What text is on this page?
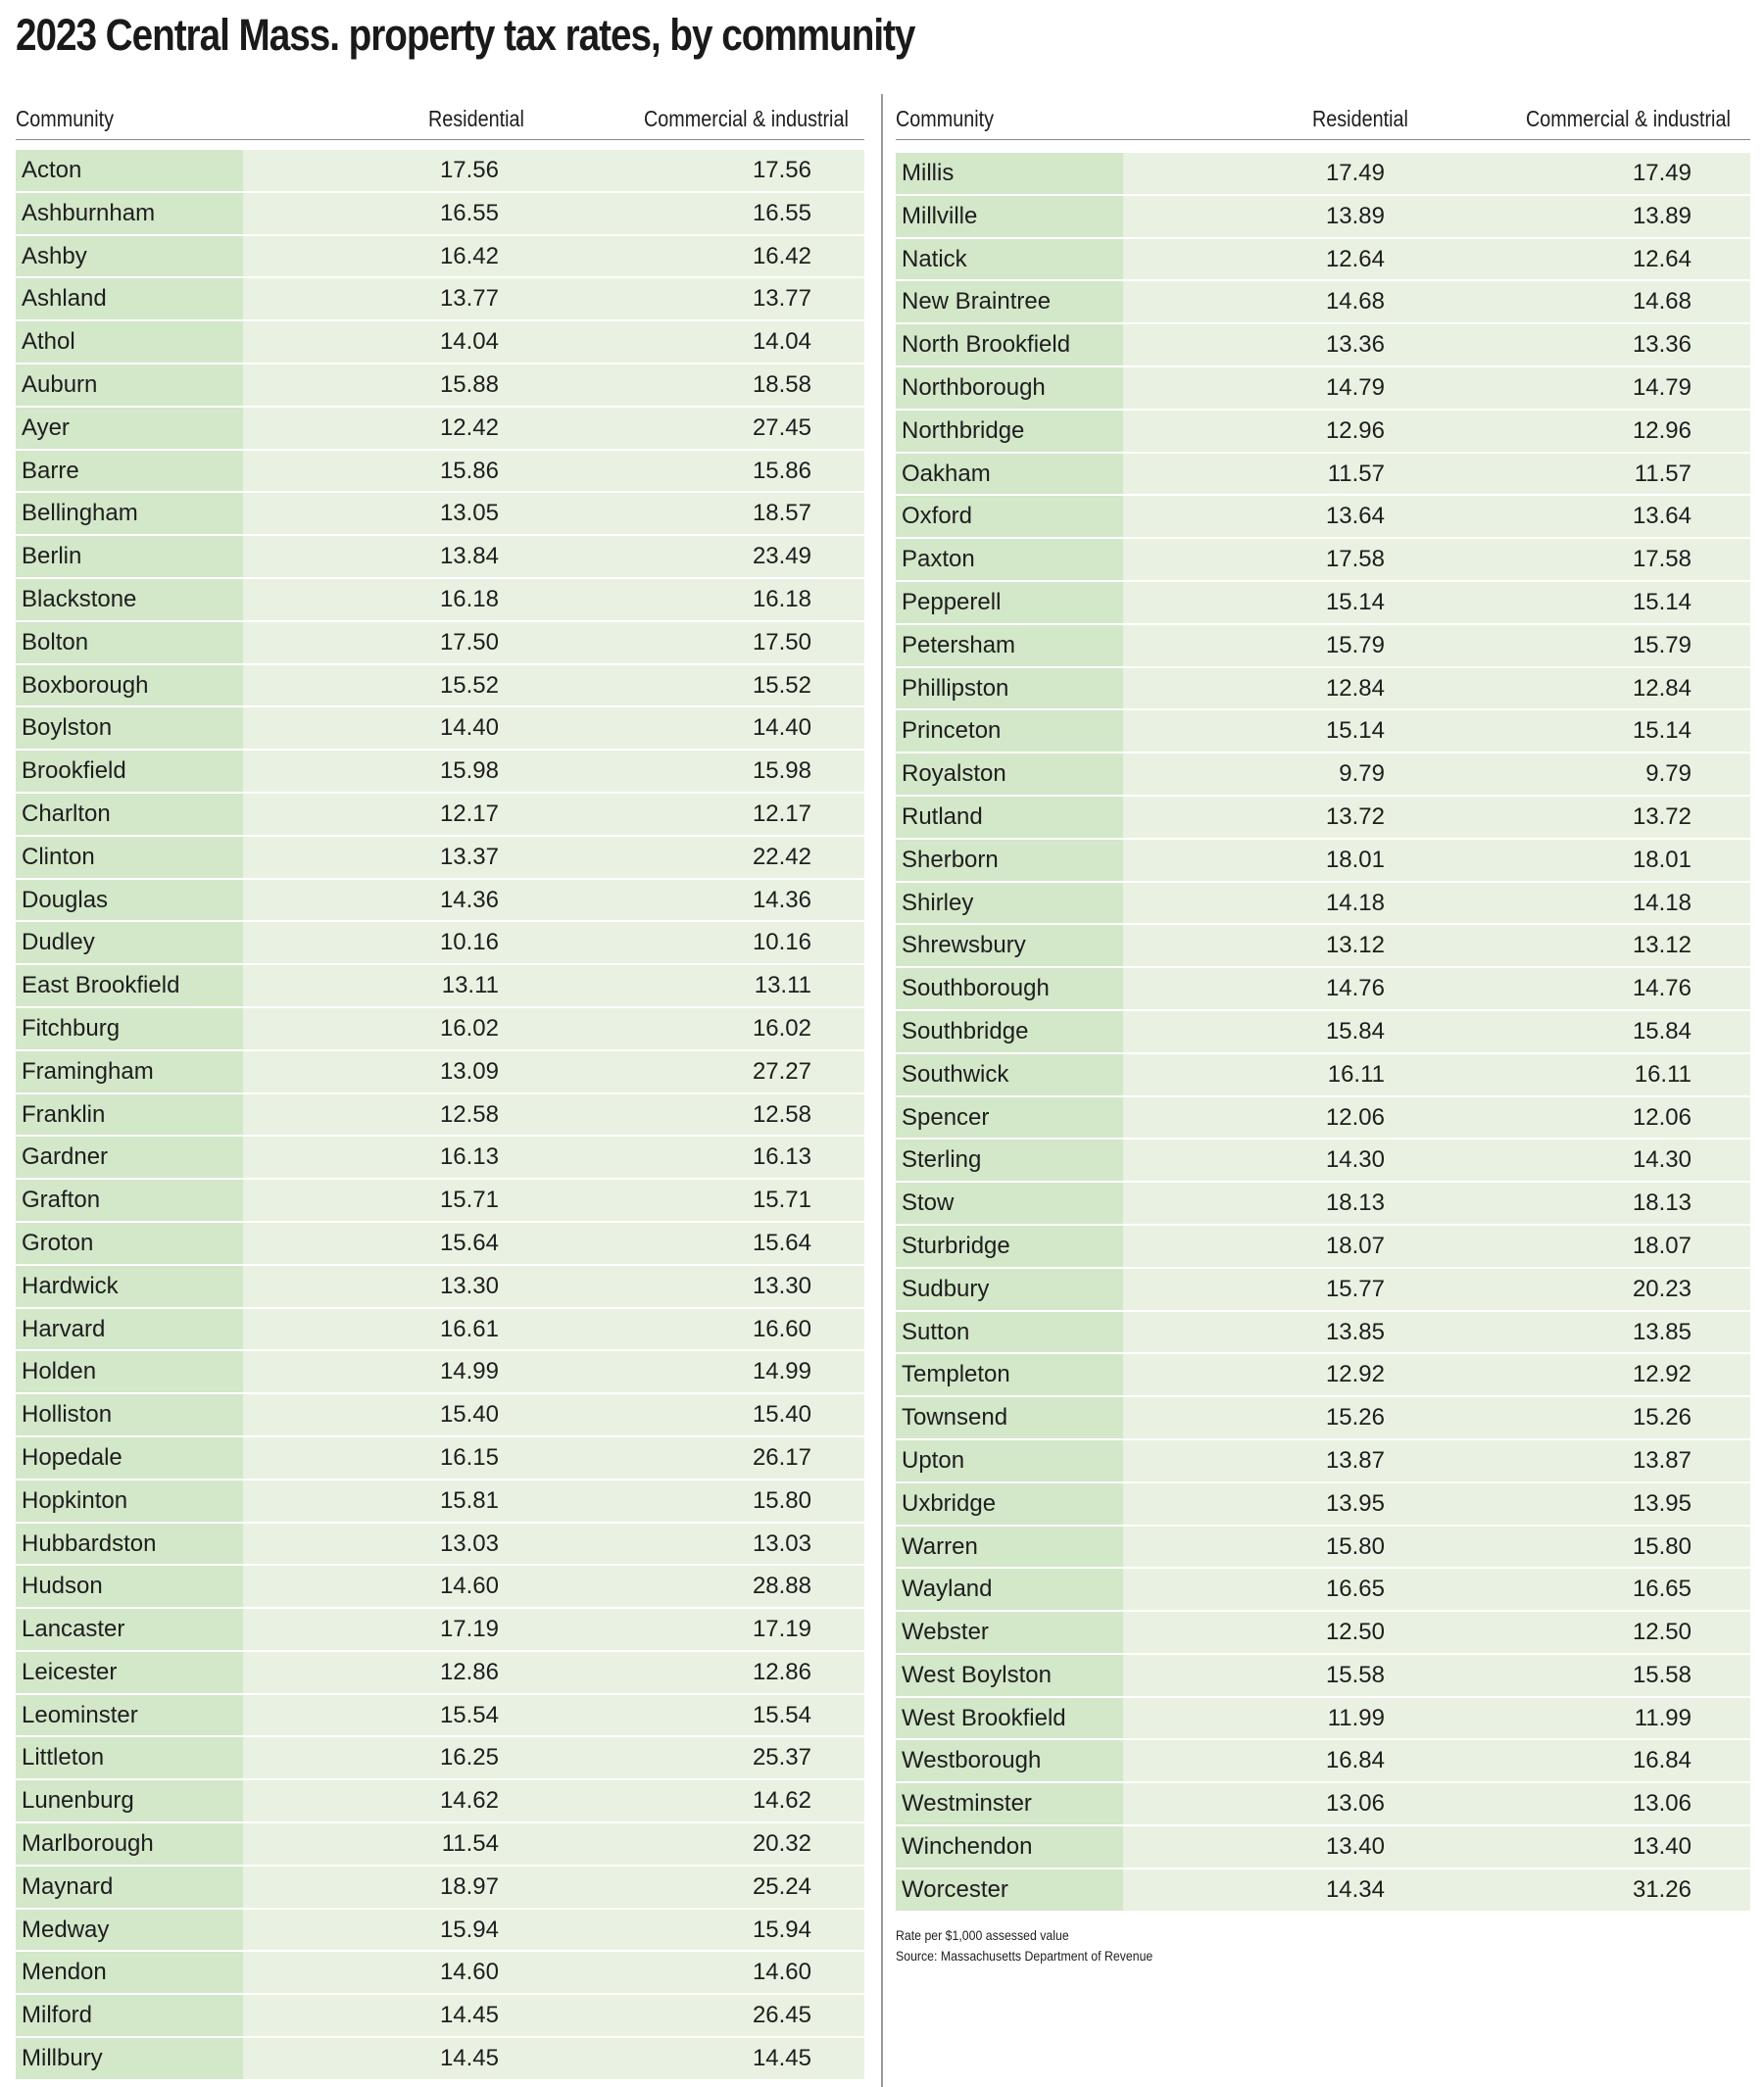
2023 Central Mass. property tax rates, by community
Community	Residential	Commercial & industrial
Acton	17.56	17.56
Ashburnham	16.55	16.55
Ashby	16.42	16.42
Ashland	13.77	13.77
Athol	14.04	14.04
Auburn	15.88	18.58
Ayer	12.42	27.45
Barre	15.86	15.86
Bellingham	13.05	18.57
Berlin	13.84	23.49
Blackstone	16.18	16.18
Bolton	17.50	17.50
Boxborough	15.52	15.52
Boylston	14.40	14.40
Brookfield	15.98	15.98
Charlton	12.17	12.17
Clinton	13.37	22.42
Douglas	14.36	14.36
Dudley	10.16	10.16
East Brookfield	13.11	13.11
Fitchburg	16.02	16.02
Framingham	13.09	27.27
Franklin	12.58	12.58
Gardner	16.13	16.13
Grafton	15.71	15.71
Groton	15.64	15.64
Hardwick	13.30	13.30
Harvard	16.61	16.60
Holden	14.99	14.99
Holliston	15.40	15.40
Hopedale	16.15	26.17
Hopkinton	15.81	15.80
Hubbardston	13.03	13.03
Hudson	14.60	28.88
Lancaster	17.19	17.19
Leicester	12.86	12.86
Leominster	15.54	15.54
Littleton	16.25	25.37
Lunenburg	14.62	14.62
Marlborough	11.54	20.32
Maynard	18.97	25.24
Medway	15.94	15.94
Mendon	14.60	14.60
Milford	14.45	26.45
Millbury	14.45	14.45
Community	Residential	Commercial & industrial
Millis	17.49	17.49
Millville	13.89	13.89
Natick	12.64	12.64
New Braintree	14.68	14.68
North Brookfield	13.36	13.36
Northborough	14.79	14.79
Northbridge	12.96	12.96
Oakham	11.57	11.57
Oxford	13.64	13.64
Paxton	17.58	17.58
Pepperell	15.14	15.14
Petersham	15.79	15.79
Phillipston	12.84	12.84
Princeton	15.14	15.14
Royalston	9.79	9.79
Rutland	13.72	13.72
Sherborn	18.01	18.01
Shirley	14.18	14.18
Shrewsbury	13.12	13.12
Southborough	14.76	14.76
Southbridge	15.84	15.84
Southwick	16.11	16.11
Spencer	12.06	12.06
Sterling	14.30	14.30
Stow	18.13	18.13
Sturbridge	18.07	18.07
Sudbury	15.77	20.23
Sutton	13.85	13.85
Templeton	12.92	12.92
Townsend	15.26	15.26
Upton	13.87	13.87
Uxbridge	13.95	13.95
Warren	15.80	15.80
Wayland	16.65	16.65
Webster	12.50	12.50
West Boylston	15.58	15.58
West Brookfield	11.99	11.99
Westborough	16.84	16.84
Westminster	13.06	13.06
Winchendon	13.40	13.40
Worcester	14.34	31.26
Rate per $1,000 assessed value
Source: Massachusetts Department of Revenue
